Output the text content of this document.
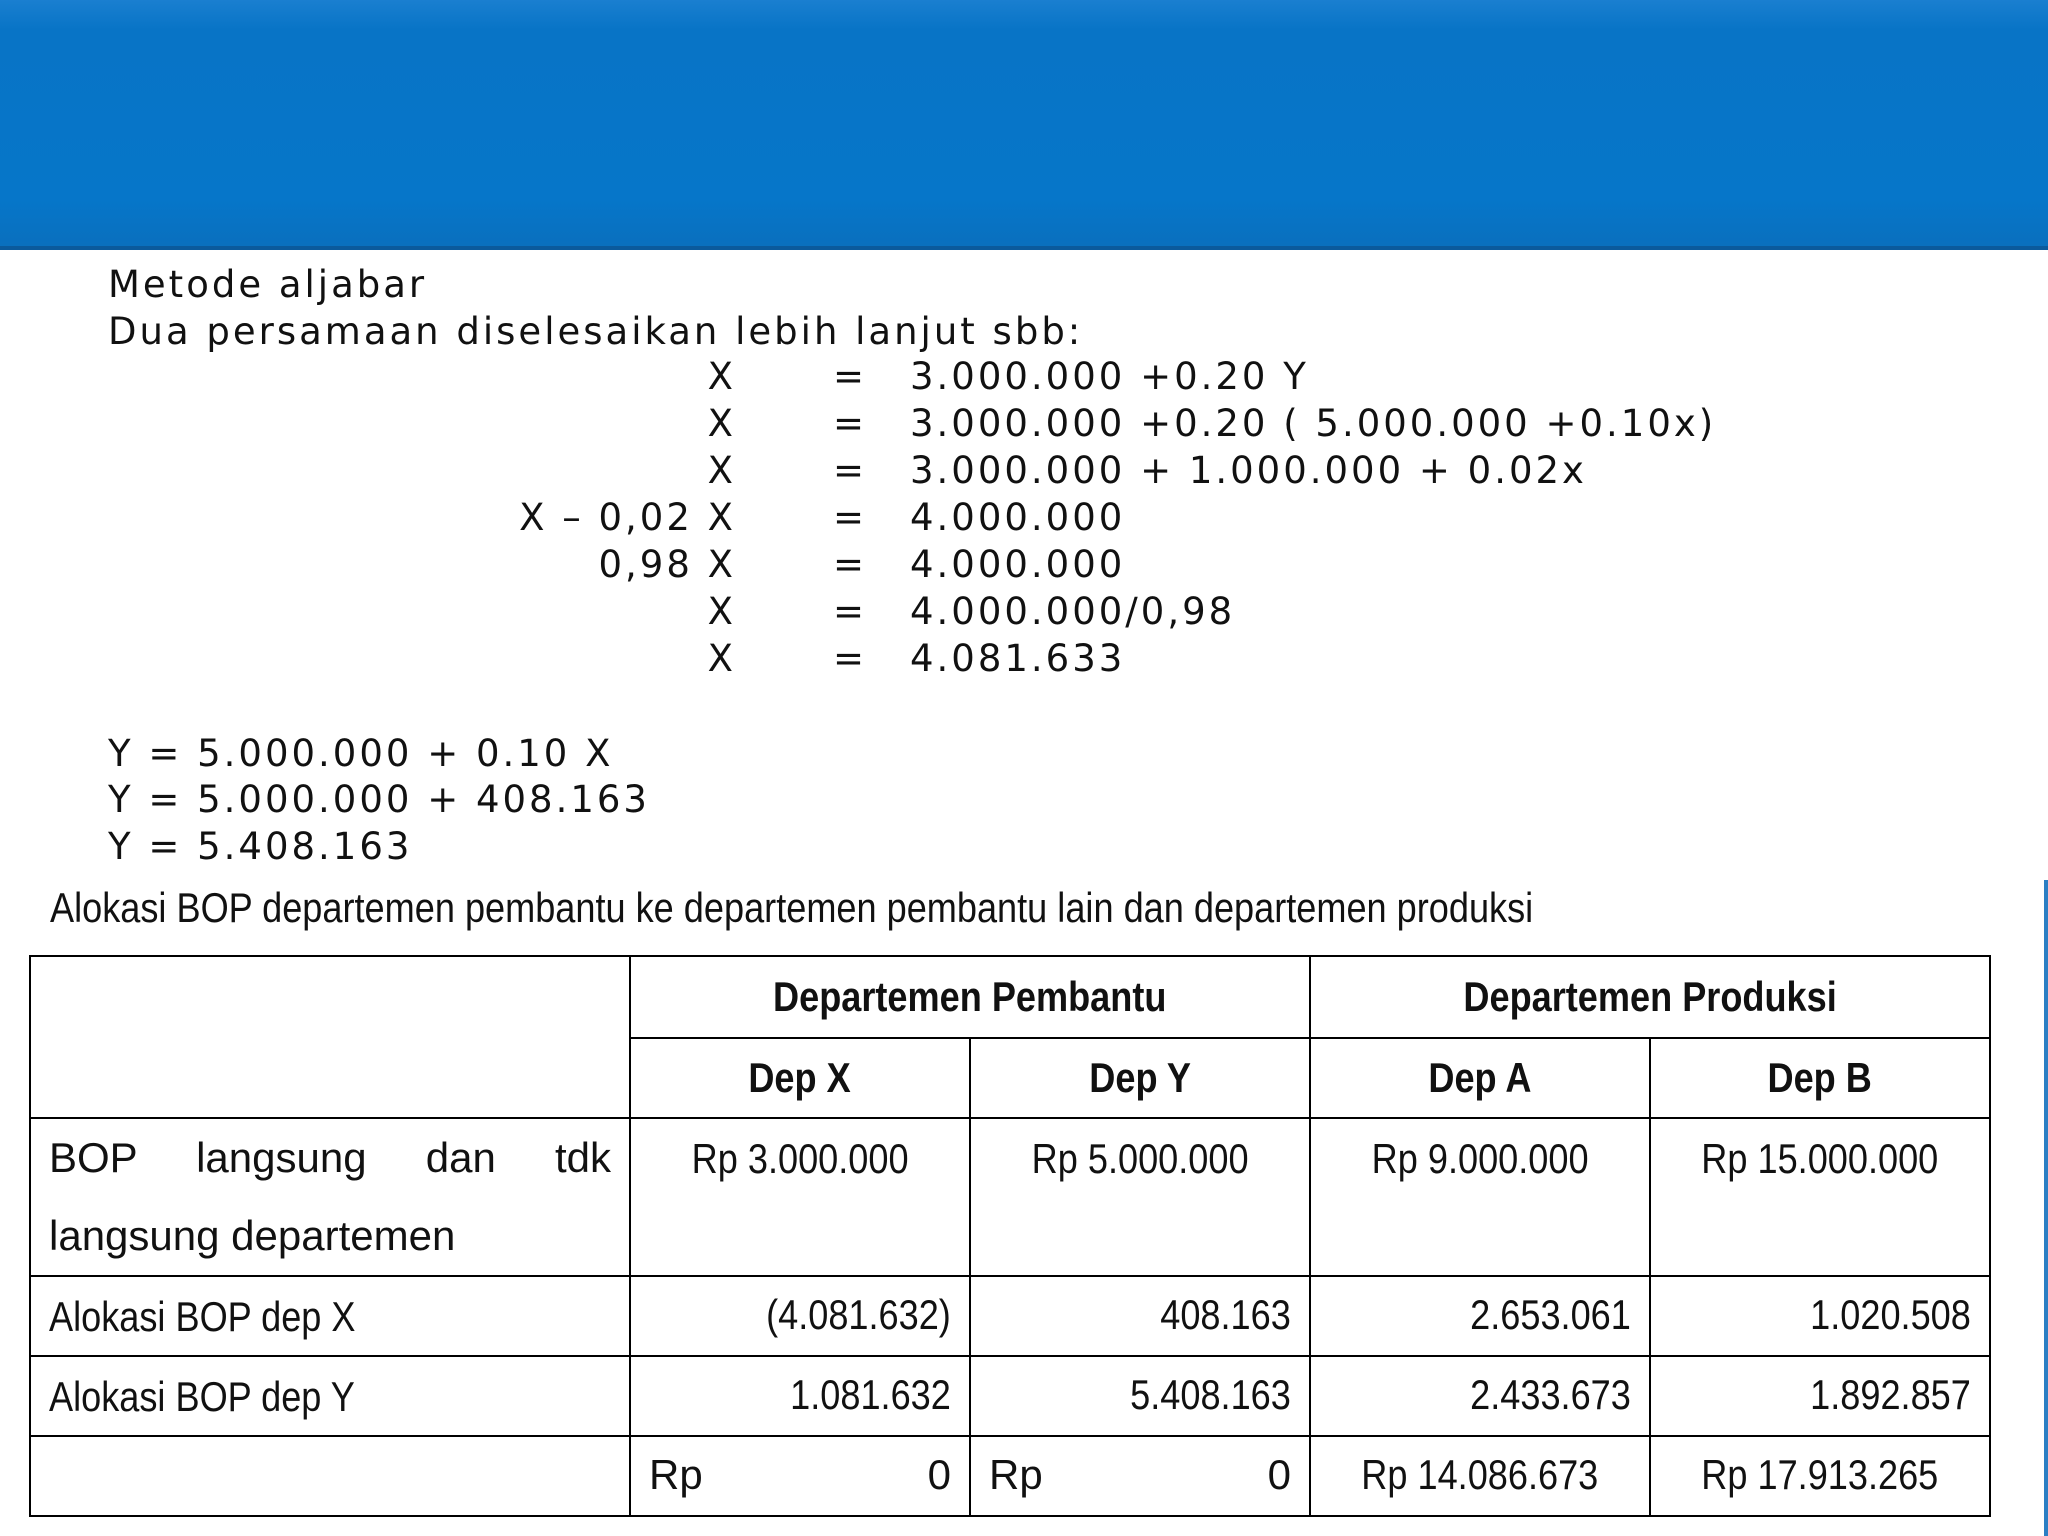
Metode aljabar
Dua persamaan diselesaikan lebih lanjut sbb:
X	= 3.000.000 +0.20 Y
X	= 3.000.000 +0.20 ( 5.000.000 +0.10x)
X	= 3.000.000 + 1.000.000 + 0.02x
X – 0,02 X	= 4.000.000
0,98 X	= 4.000.000
X	= 4.000.000/0,98
X	= 4.081.633
Y = 5.000.000 + 0.10 X
Y = 5.000.000 + 408.163
Y = 5.408.163
Alokasi BOP departemen pembantu ke departemen pembantu lain dan departemen produksi
	Departemen Pembantu		Departemen Produksi	
	Dep X	Dep Y	Dep A	Dep B
BOP langsung dan tdk langsung departemen	Rp 3.000.000	Rp 5.000.000	Rp 9.000.000	Rp 15.000.000
Alokasi BOP dep X	(4.081.632)	408.163	2.653.061	1.020.508
Alokasi BOP dep Y	1.081.632	5.408.163	2.433.673	1.892.857

	Rp 0	Rp 0	Rp 14.086.673	Rp 17.913.265
